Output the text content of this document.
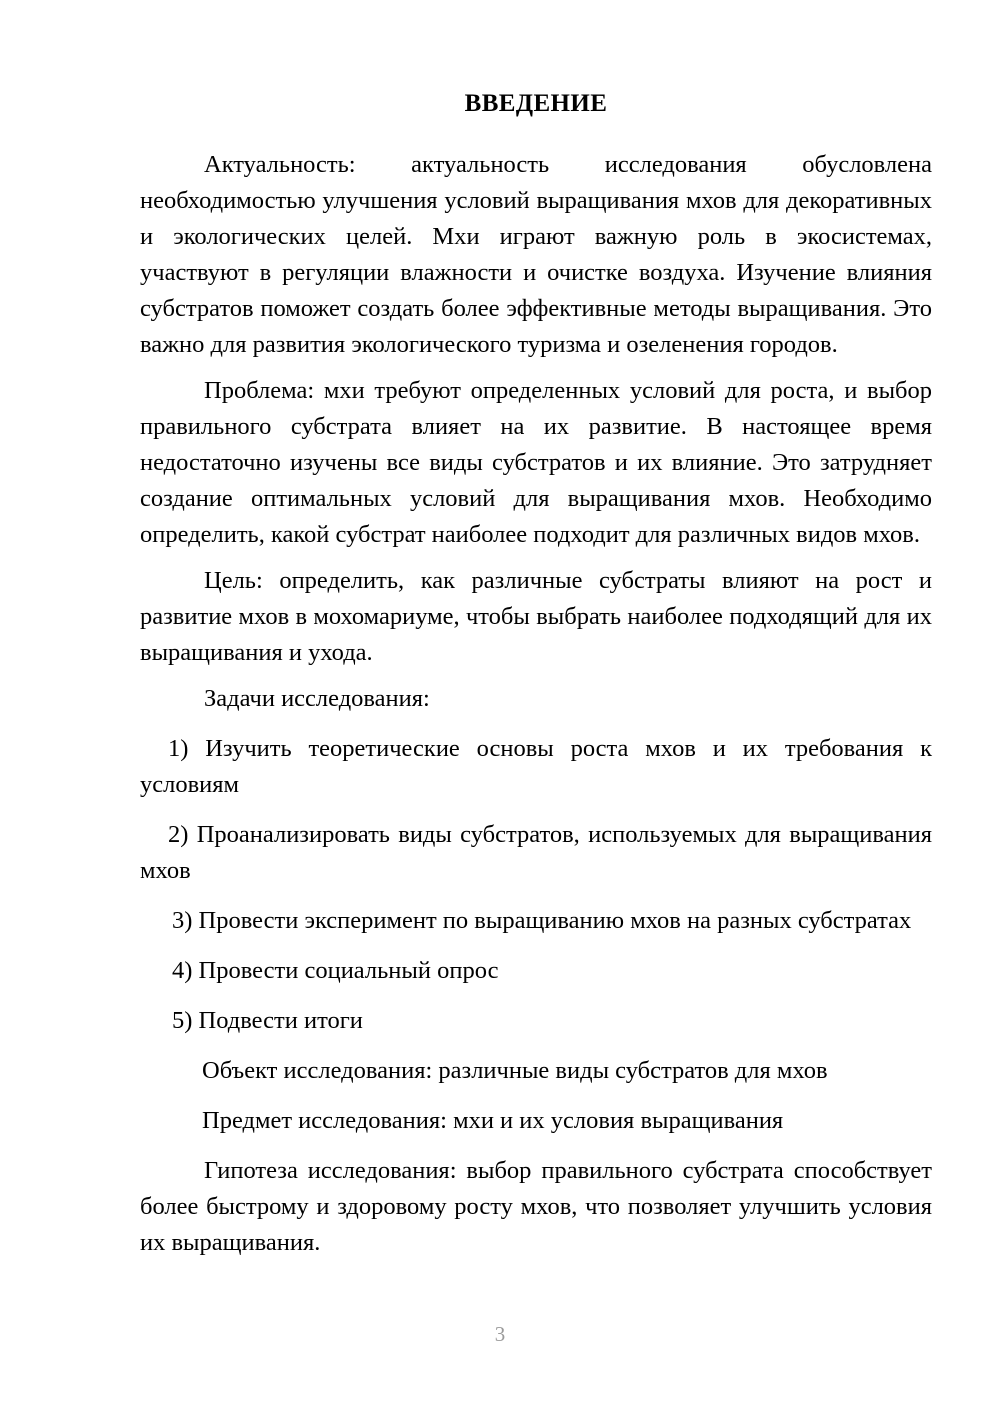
ВВЕДЕНИЕ

Актуальность: актуальность исследования обусловлена необходимостью улучшения условий выращивания мхов для декоративных и экологических целей. Мхи играют важную роль в экосистемах, участвуют в регуляции влажности и очистке воздуха. Изучение влияния субстратов поможет создать более эффективные методы выращивания. Это важно для развития экологического туризма и озеленения городов.

Проблема: мхи требуют определенных условий для роста, и выбор правильного субстрата влияет на их развитие. В настоящее время недостаточно изучены все виды субстратов и их влияние. Это затрудняет создание оптимальных условий для выращивания мхов. Необходимо определить, какой субстрат наиболее подходит для различных видов мхов.

Цель: определить, как различные субстраты влияют на рост и развитие мхов в мохомариуме, чтобы выбрать наиболее подходящий для их выращивания и ухода.

Задачи исследования:

1) Изучить теоретические основы роста мхов и их требования к условиям

2) Проанализировать виды субстратов, используемых для выращивания мхов

3) Провести эксперимент по выращиванию мхов на разных субстратах

4) Провести социальный опрос

5) Подвести итоги

Объект исследования: различные виды субстратов для мхов

Предмет исследования: мхи и их условия выращивания

Гипотеза исследования: выбор правильного субстрата способствует более быстрому и здоровому росту мхов, что позволяет улучшить условия их выращивания.

3
